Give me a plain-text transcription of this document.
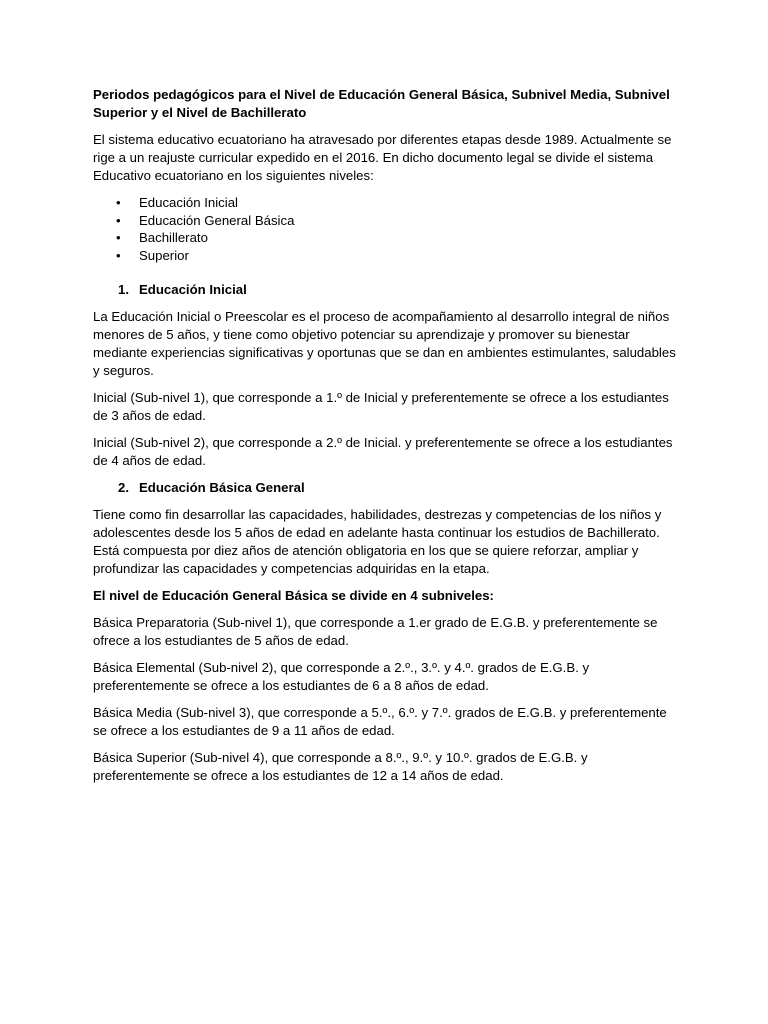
Periodos pedagógicos para el Nivel de Educación General Básica, Subnivel Media, Subnivel Superior y el Nivel de Bachillerato

El sistema educativo ecuatoriano ha atravesado por diferentes etapas desde 1989. Actualmente se rige a un reajuste curricular expedido en el 2016. En dicho documento legal se divide el sistema Educativo ecuatoriano en los siguientes niveles:

• Educación Inicial
• Educación General Básica
• Bachillerato
• Superior

1. Educación Inicial

La Educación Inicial o Preescolar es el proceso de acompañamiento al desarrollo integral de niños menores de 5 años, y tiene como objetivo potenciar su aprendizaje y promover su bienestar mediante experiencias significativas y oportunas que se dan en ambientes estimulantes, saludables y seguros.

Inicial (Sub-nivel 1), que corresponde a 1.º de Inicial y preferentemente se ofrece a los estudiantes de 3 años de edad.

Inicial (Sub-nivel 2), que corresponde a 2.º de Inicial. y preferentemente se ofrece a los estudiantes de 4 años de edad.

2. Educación Básica General

Tiene como fin desarrollar las capacidades, habilidades, destrezas y competencias de los niños y adolescentes desde los 5 años de edad en adelante hasta continuar los estudios de Bachillerato. Está compuesta por diez años de atención obligatoria en los que se quiere reforzar, ampliar y profundizar las capacidades y competencias adquiridas en la etapa.

El nivel de Educación General Básica se divide en 4 subniveles:

Básica Preparatoria (Sub-nivel 1), que corresponde a 1.er grado de E.G.B. y preferentemente se ofrece a los estudiantes de 5 años de edad.

Básica Elemental (Sub-nivel 2), que corresponde a 2.º., 3.º. y 4.º. grados de E.G.B. y preferentemente se ofrece a los estudiantes de 6 a 8 años de edad.

Básica Media (Sub-nivel 3), que corresponde a 5.º., 6.º. y 7.º. grados de E.G.B. y preferentemente se ofrece a los estudiantes de 9 a 11 años de edad.

Básica Superior (Sub-nivel 4), que corresponde a 8.º., 9.º. y 10.º. grados de E.G.B. y preferentemente se ofrece a los estudiantes de 12 a 14 años de edad.
